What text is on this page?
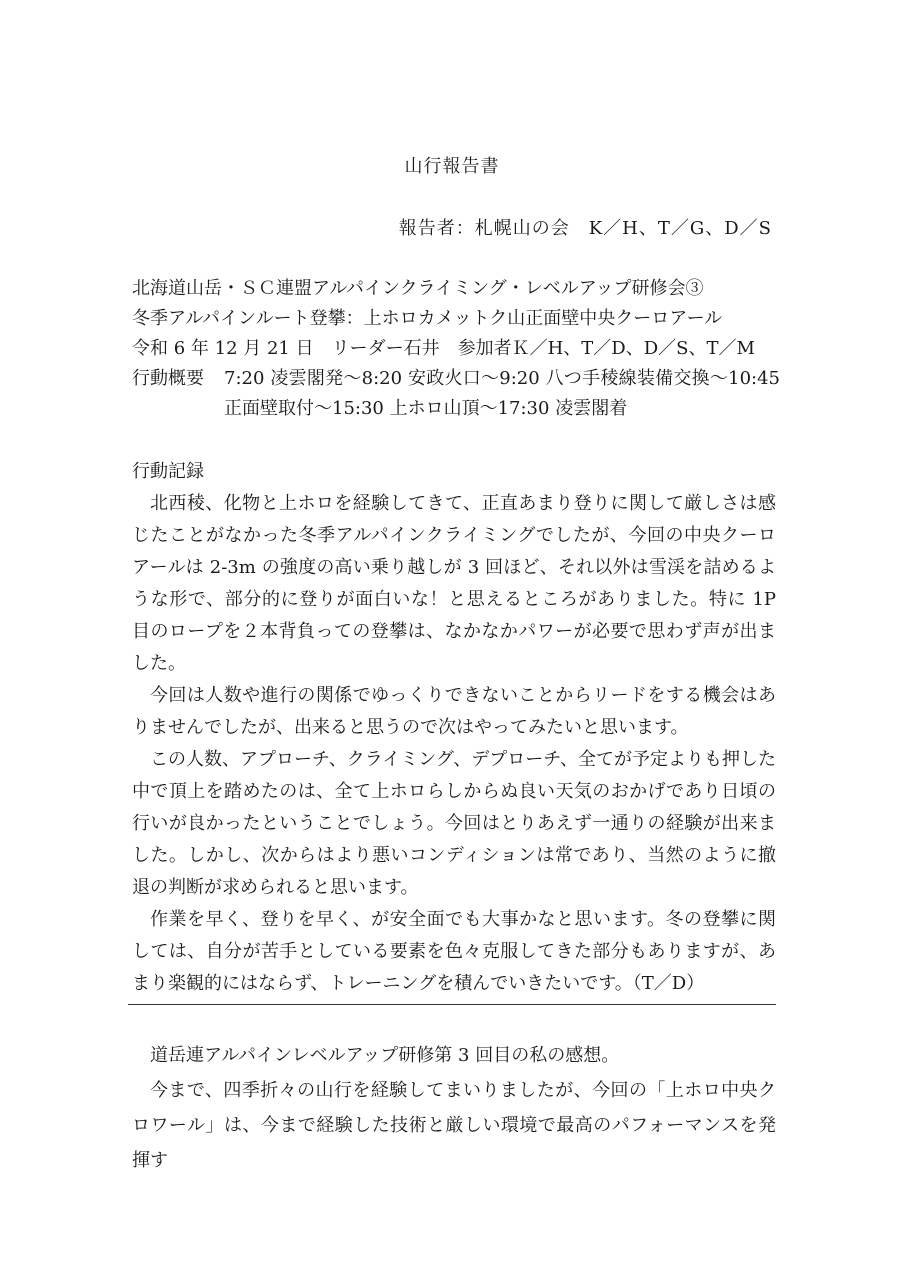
山行報告書
報告者：札幌山の会　K／H、T／G、D／S
北海道山岳・ＳＣ連盟アルパインクライミング・レベルアップ研修会③
冬季アルパインルート登攀：上ホロカメットク山正面壁中央クーロアール
令和 6 年 12 月 21 日　リーダー石井　参加者Ｋ／H、T／D、D／S、T／M
行動概要	7:20 凌雲閣発～8:20 安政火口～9:20 八つ手稜線装備交換～10:45 正面壁取付～15:30 上ホロ山頂～17:30 凌雲閣着
行動記録

北西稜、化物と上ホロを経験してきて、正直あまり登りに関して厳しさは感じたことがなかった冬季アルパインクライミングでしたが、今回の中央クーロアールは 2-3m の強度の高い乗り越しが 3 回ほど、それ以外は雪渓を詰めるような形で、部分的に登りが面白いな！と思えるところがありました。特に 1P 目のロープを２本背負っての登攀は、なかなかパワーが必要で思わず声が出ました。

今回は人数や進行の関係でゆっくりできないことからリードをする機会はありませんでしたが、出来ると思うので次はやってみたいと思います。

この人数、アプローチ、クライミング、デプローチ、全てが予定よりも押した中で頂上を踏めたのは、全て上ホロらしからぬ良い天気のおかげであり日頃の行いが良かったということでしょう。今回はとりあえず一通りの経験が出来ました。しかし、次からはより悪いコンディションは常であり、当然のように撤退の判断が求められると思います。

作業を早く、登りを早く、が安全面でも大事かなと思います。冬の登攀に関しては、自分が苦手としている要素を色々克服してきた部分もありますが、あまり楽観的にはならず、トレーニングを積んでいきたいです。（T／D）

道岳連アルパインレベルアップ研修第 3 回目の私の感想。

今まで、四季折々の山行を経験してまいりましたが、今回の「上ホロ中央クロワール」は、今まで経験した技術と厳しい環境で最高のパフォーマンスを発揮す
